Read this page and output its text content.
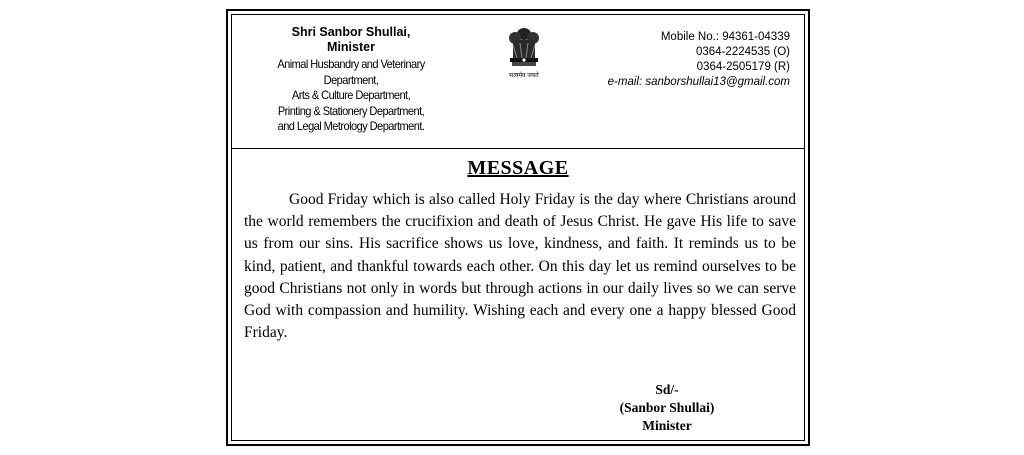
Shri Sanbor Shullai,
Minister
Animal Husbandry and Veterinary
Department,
Arts & Culture Department,
Printing & Stationery Department,
and Legal Metrology Department.
सत्यमेव जयते
Mobile No.: 94361-04339
0364-2224535 (O)
0364-2505179 (R)
e-mail: sanborshullai13@gmail.com
MESSAGE
Good Friday which is also called Holy Friday is the day where Christians around the world remembers the crucifixion and death of Jesus Christ. He gave His life to save us from our sins. His sacrifice shows us love, kindness, and faith. It reminds us to be kind, patient, and thankful towards each other. On this day let us remind ourselves to be good Christians not only in words but through actions in our daily lives so we can serve God with compassion and humility. Wishing each and every one a happy blessed Good Friday.
Sd/-
(Sanbor Shullai)
Minister
